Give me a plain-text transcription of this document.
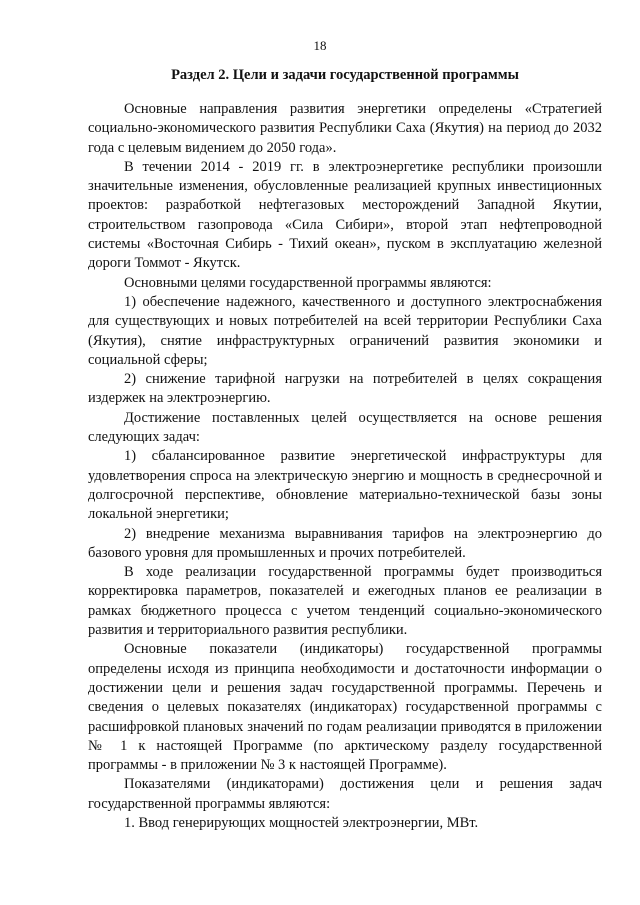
18
Раздел 2. Цели и задачи государственной программы

Основные направления развития энергетики определены «Стратегией социально-экономического развития Республики Саха (Якутия) на период до 2032 года с целевым видением до 2050 года».

В течении 2014 - 2019 гг. в электроэнергетике республики произошли значительные изменения, обусловленные реализацией крупных инвестиционных проектов: разработкой нефтегазовых месторождений Западной Якутии, строительством газопровода «Сила Сибири», второй этап нефтепроводной системы «Восточная Сибирь - Тихий океан», пуском в эксплуатацию железной дороги Томмот - Якутск.

Основными целями государственной программы являются:

1) обеспечение надежного, качественного и доступного электроснабжения для существующих и новых потребителей на всей территории Республики Саха (Якутия), снятие инфраструктурных ограничений развития экономики и социальной сферы;

2) снижение тарифной нагрузки на потребителей в целях сокращения издержек на электроэнергию.

Достижение поставленных целей осуществляется на основе решения следующих задач:

1) сбалансированное развитие энергетической инфраструктуры для удовлетворения спроса на электрическую энергию и мощность в среднесрочной и долгосрочной перспективе, обновление материально-технической базы зоны локальной энергетики;

2) внедрение механизма выравнивания тарифов на электроэнергию до базового уровня для промышленных и прочих потребителей.

В ходе реализации государственной программы будет производиться корректировка параметров, показателей и ежегодных планов ее реализации в рамках бюджетного процесса с учетом тенденций социально-экономического развития и территориального развития республики.

Основные показатели (индикаторы) государственной программы определены исходя из принципа необходимости и достаточности информации о достижении цели и решения задач государственной программы. Перечень и сведения о целевых показателях (индикаторах) государственной программы с расшифровкой плановых значений по годам реализации приводятся в приложении № 1 к настоящей Программе (по арктическому разделу государственной программы - в приложении № 3 к настоящей Программе).

Показателями (индикаторами) достижения цели и решения задач государственной программы являются:

1. Ввод генерирующих мощностей электроэнергии, МВт.
